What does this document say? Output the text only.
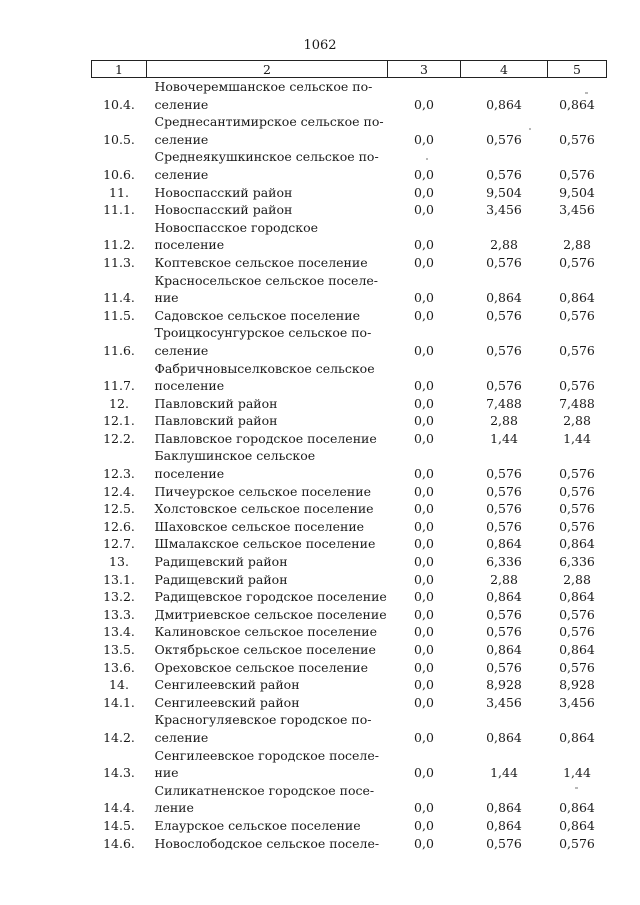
1062
1	2	3	4	5
10.4.	Новочеремшанское сельское по-
селение	0,0	0,864	0,864
10.5.	Среднесантимирское сельское по-
селение	0,0	0,576	0,576
10.6.	Среднеякушкинское сельское по-
селение	0,0	0,576	0,576
11.	Новоспасский район	0,0	9,504	9,504
11.1.	Новоспасский район	0,0	3,456	3,456
11.2.	Новоспасское городское поселение	0,0	2,88	2,88
11.3.	Коптевское сельское поселение	0,0	0,576	0,576
11.4.	Красносельское сельское поселе-
ние	0,0	0,864	0,864
11.5.	Садовское сельское поселение	0,0	0,576	0,576
11.6.	Троицкосунгурское сельское по-
селение	0,0	0,576	0,576
11.7.	Фабричновыселковское сельское
поселение	0,0	0,576	0,576
12.	Павловский район	0,0	7,488	7,488
12.1.	Павловский район	0,0	2,88	2,88
12.2.	Павловское городское поселение	0,0	1,44	1,44
12.3.	Баклушинское сельское поселение	0,0	0,576	0,576
12.4.	Пичеурское сельское поселение	0,0	0,576	0,576
12.5.	Холстовское сельское поселение	0,0	0,576	0,576
12.6.	Шаховское сельское поселение	0,0	0,576	0,576
12.7.	Шмалакское сельское поселение	0,0	0,864	0,864
13.	Радищевский район	0,0	6,336	6,336
13.1.	Радищевский район	0,0	2,88	2,88
13.2.	Радищевское городское поселение	0,0	0,864	0,864
13.3.	Дмитриевское сельское поселение	0,0	0,576	0,576
13.4.	Калиновское сельское поселение	0,0	0,576	0,576
13.5.	Октябрьское сельское поселение	0,0	0,864	0,864
13.6.	Ореховское сельское поселение	0,0	0,576	0,576
14.	Сенгилеевский район	0,0	8,928	8,928
14.1.	Сенгилеевский район	0,0	3,456	3,456
14.2.	Красногуляевское городское по-
селение	0,0	0,864	0,864
14.3.	Сенгилеевское городское поселе-
ние	0,0	1,44	1,44
14.4.	Силикатненское городское посе-
ление	0,0	0,864	0,864
14.5.	Елаурское сельское поселение	0,0	0,864	0,864
14.6.	Новослободское сельское поселе-	0,0	0,576	0,576
